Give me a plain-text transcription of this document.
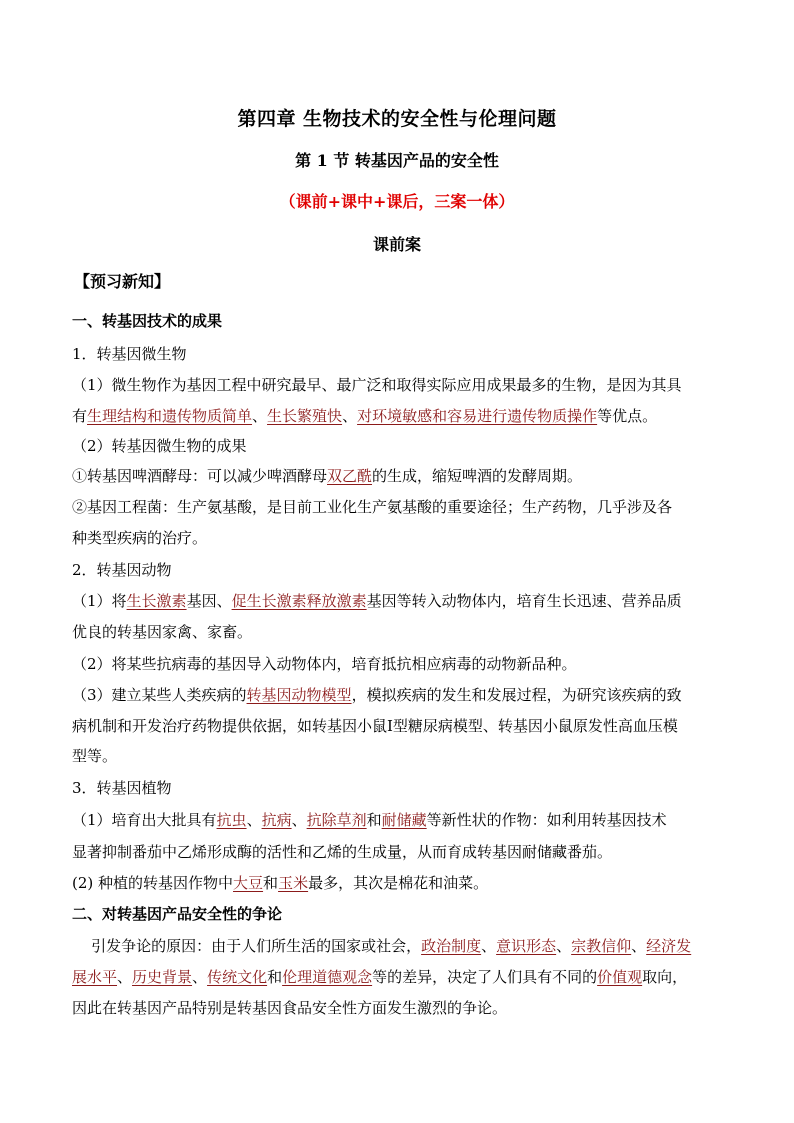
第四章 生物技术的安全性与伦理问题
第 1 节 转基因产品的安全性
（课前+课中+课后，三案一体）
课前案
【预习新知】
一、转基因技术的成果
1．转基因微生物
（1）微生物作为基因工程中研究最早、最广泛和取得实际应用成果最多的生物，是因为其具
有生理结构和遗传物质简单、生长繁殖快、对环境敏感和容易进行遗传物质操作等优点。
（2）转基因微生物的成果
①转基因啤酒酵母：可以减少啤酒酵母双乙酰的生成，缩短啤酒的发酵周期。
②基因工程菌：生产氨基酸，是目前工业化生产氨基酸的重要途径；生产药物，几乎涉及各
种类型疾病的治疗。
2．转基因动物
（1）将生长激素基因、促生长激素释放激素基因等转入动物体内，培育生长迅速、营养品质
优良的转基因家禽、家畜。
（2）将某些抗病毒的基因导入动物体内，培育抵抗相应病毒的动物新品种。
（3）建立某些人类疾病的转基因动物模型，模拟疾病的发生和发展过程，为研究该疾病的致
病机制和开发治疗药物提供依据，如转基因小鼠Ⅰ型糖尿病模型、转基因小鼠原发性高血压模
型等。
3．转基因植物
（1）培育出大批具有抗虫、抗病、抗除草剂和耐储藏等新性状的作物：如利用转基因技术
显著抑制番茄中乙烯形成酶的活性和乙烯的生成量，从而育成转基因耐储藏番茄。
(2) 种植的转基因作物中大豆和玉米最多，其次是棉花和油菜。
二、对转基因产品安全性的争论
引发争论的原因：由于人们所生活的国家或社会，政治制度、意识形态、宗教信仰、经济发
展水平、历史背景、传统文化和伦理道德观念等的差异，决定了人们具有不同的价值观取向，
因此在转基因产品特别是转基因食品安全性方面发生激烈的争论。
